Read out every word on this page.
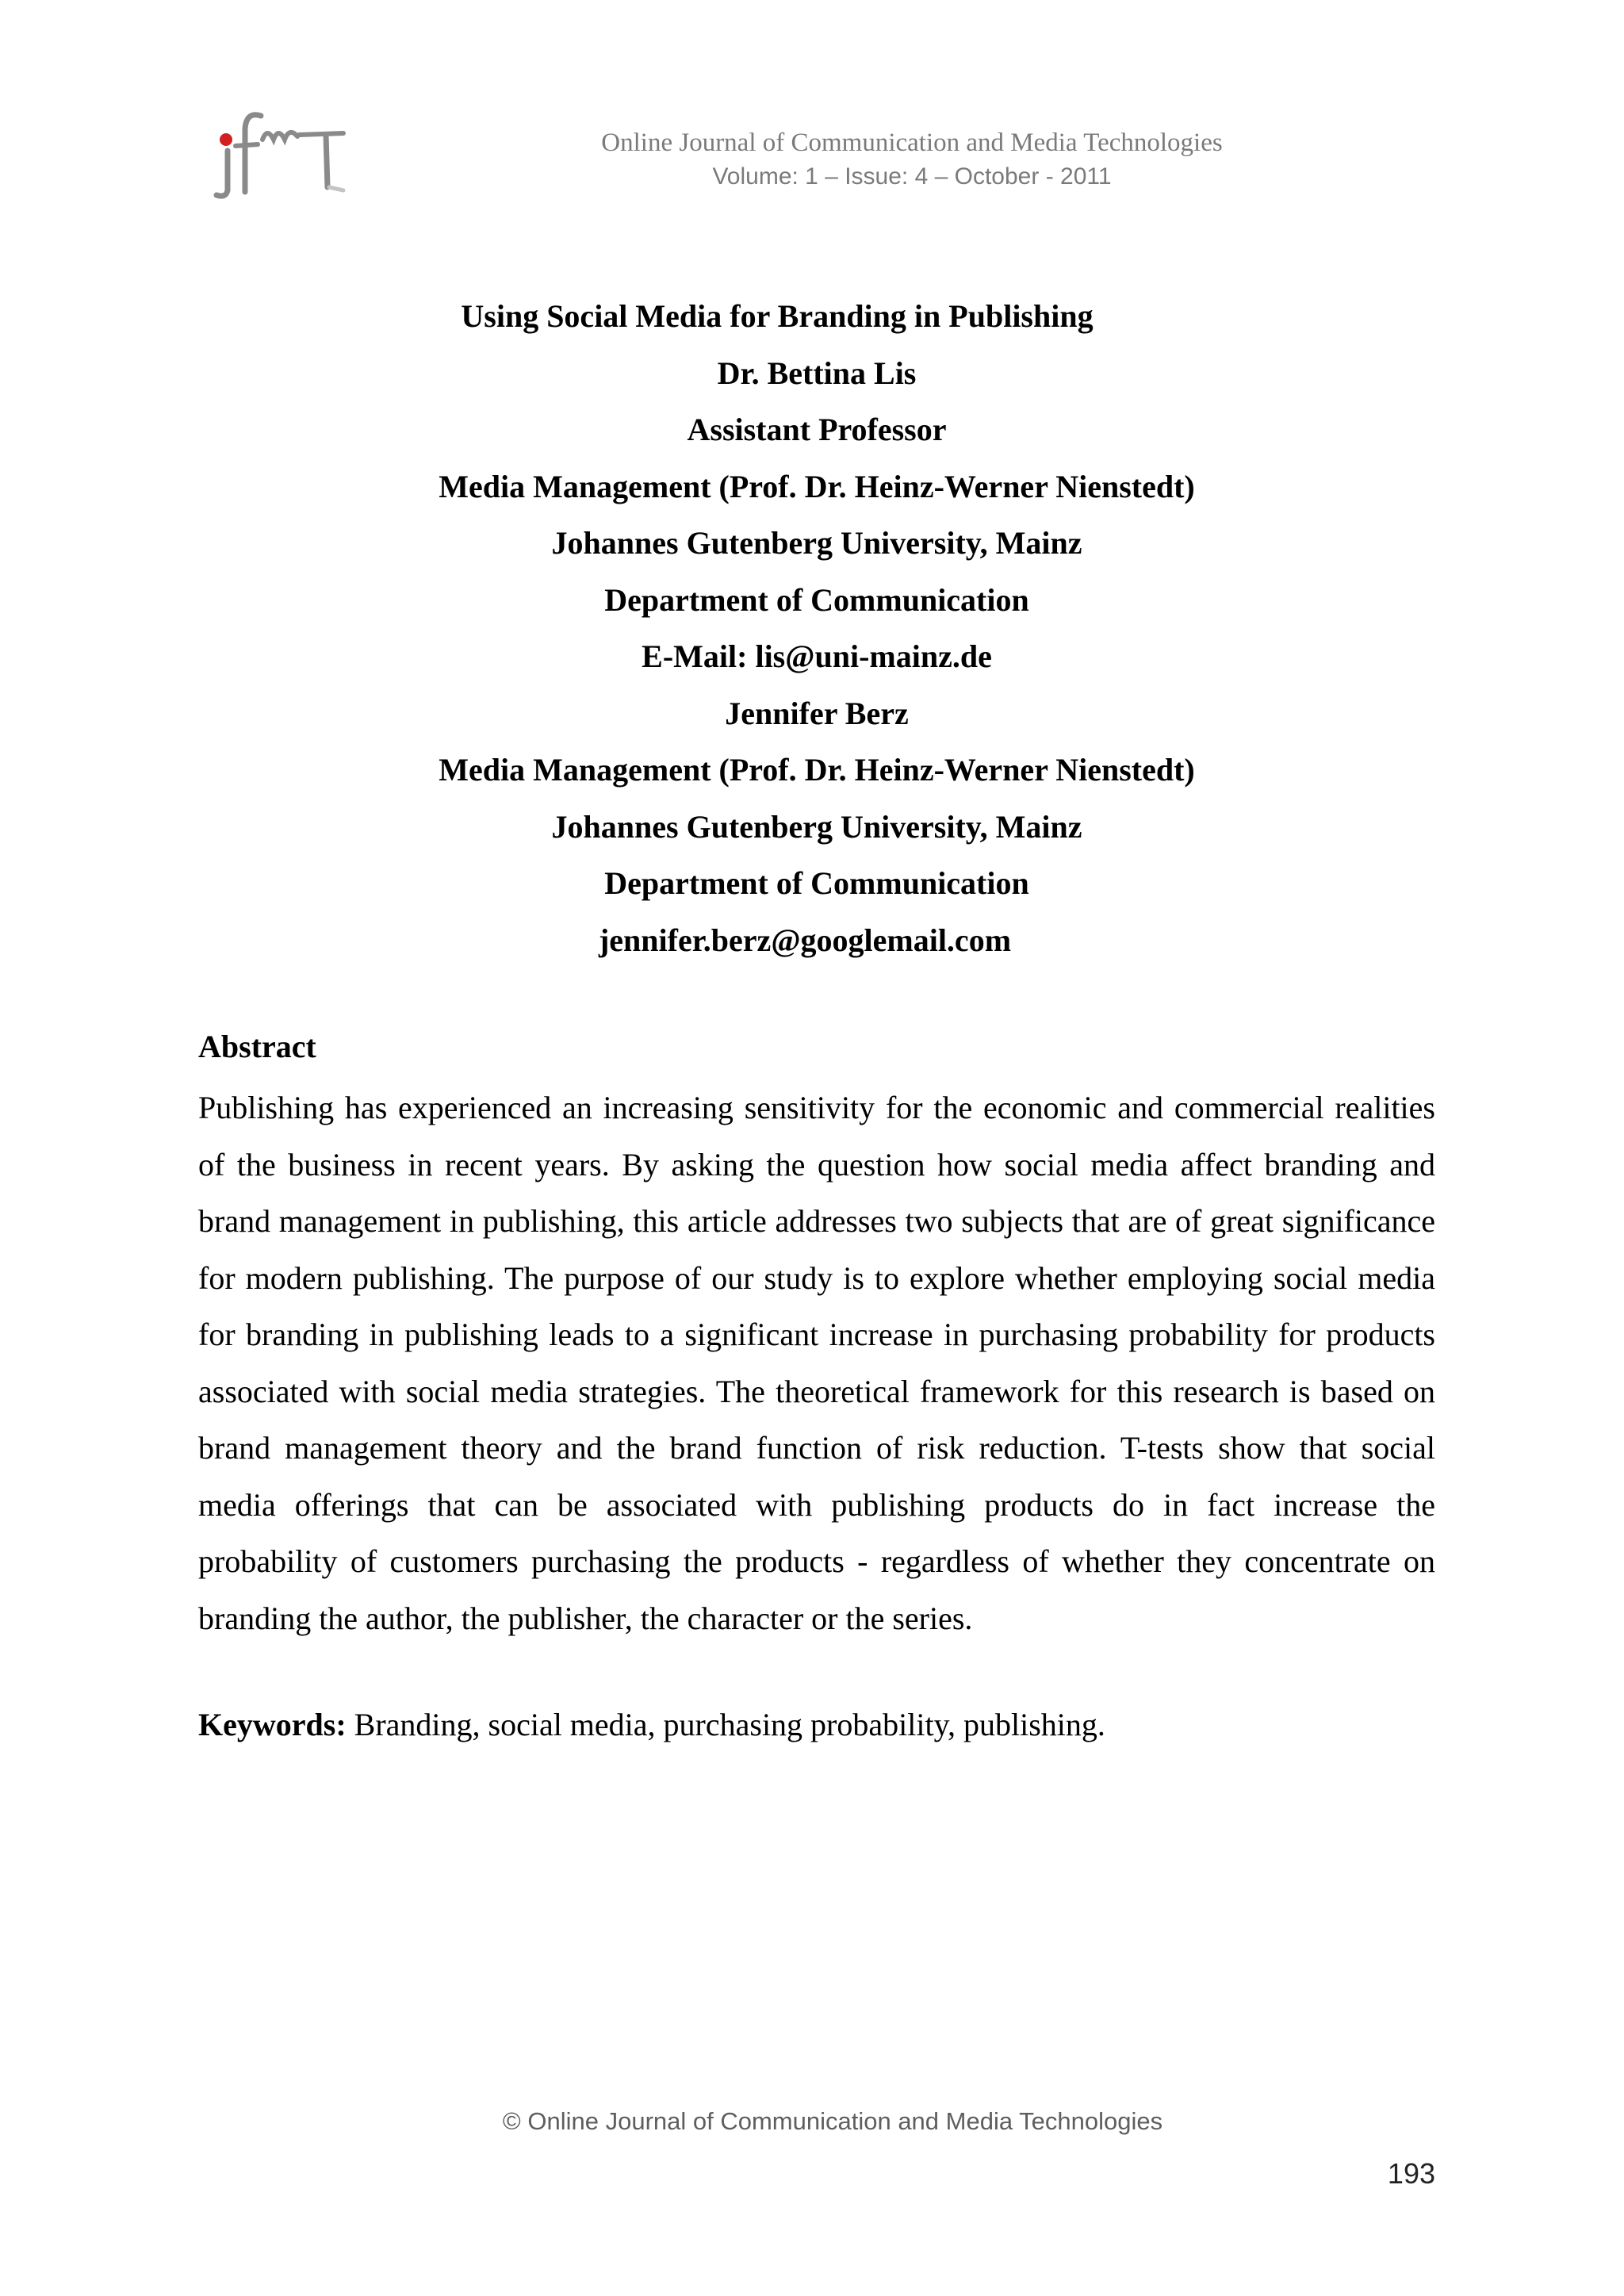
Online Journal of Communication and Media Technologies
Volume: 1 – Issue: 4 – October - 2011
Using Social Media for Branding in Publishing
Dr. Bettina Lis
Assistant Professor
Media Management (Prof. Dr. Heinz-Werner Nienstedt)
Johannes Gutenberg University, Mainz
Department of Communication
E-Mail: lis@uni-mainz.de
Jennifer Berz
Media Management (Prof. Dr. Heinz-Werner Nienstedt)
Johannes Gutenberg University, Mainz
Department of Communication
jennifer.berz@googlemail.com
Abstract

Publishing has experienced an increasing sensitivity for the economic and commercial realities of the business in recent years. By asking the question how social media affect branding and brand management in publishing, this article addresses two subjects that are of great significance for modern publishing. The purpose of our study is to explore whether employing social media for branding in publishing leads to a significant increase in purchasing probability for products associated with social media strategies. The theoretical framework for this research is based on brand management theory and the brand function of risk reduction. T-tests show that social media offerings that can be associated with publishing products do in fact increase the probability of customers purchasing the products - regardless of whether they concentrate on branding the author, the publisher, the character or the series.

Keywords: Branding, social media, purchasing probability, publishing.
© Online Journal of Communication and Media Technologies
193
